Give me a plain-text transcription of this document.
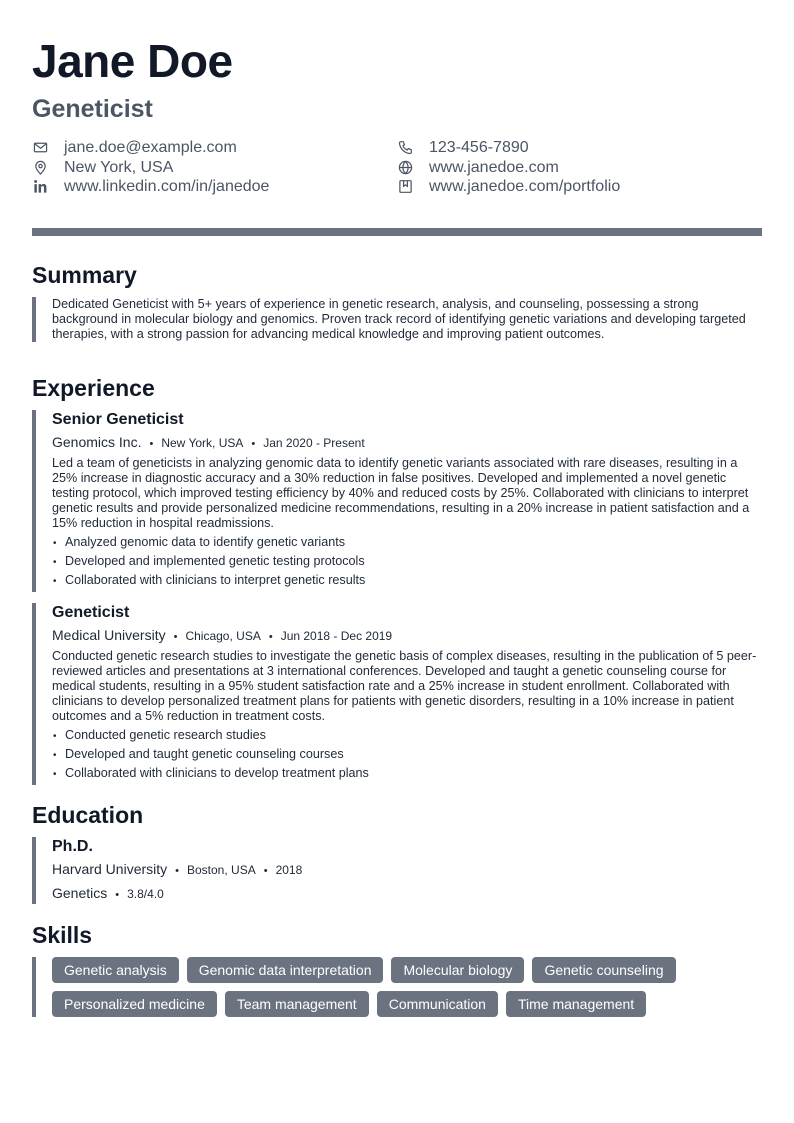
Jane Doe
Geneticist
jane.doe@example.com
New York, USA
www.linkedin.com/in/janedoe
123-456-7890
www.janedoe.com
www.janedoe.com/portfolio
Summary

Dedicated Geneticist with 5+ years of experience in genetic research, analysis, and counseling, possessing a strong background in molecular biology and genomics. Proven track record of identifying genetic variations and developing targeted therapies, with a strong passion for advancing medical knowledge and improving patient outcomes.

Experience

Senior Geneticist

Genomics Inc. • New York, USA • Jan 2020 - Present

Led a team of geneticists in analyzing genomic data to identify genetic variants associated with rare diseases, resulting in a 25% increase in diagnostic accuracy and a 30% reduction in false positives. Developed and implemented a novel genetic testing protocol, which improved testing efficiency by 40% and reduced costs by 25%. Collaborated with clinicians to interpret genetic results and provide personalized medicine recommendations, resulting in a 20% increase in patient satisfaction and a 15% reduction in hospital readmissions.

• Analyzed genomic data to identify genetic variants
• Developed and implemented genetic testing protocols
• Collaborated with clinicians to interpret genetic results

Geneticist

Medical University • Chicago, USA • Jun 2018 - Dec 2019

Conducted genetic research studies to investigate the genetic basis of complex diseases, resulting in the publication of 5 peer-reviewed articles and presentations at 3 international conferences. Developed and taught a genetic counseling course for medical students, resulting in a 95% student satisfaction rate and a 25% increase in student enrollment. Collaborated with clinicians to develop personalized treatment plans for patients with genetic disorders, resulting in a 10% increase in patient outcomes and a 5% reduction in treatment costs.

• Conducted genetic research studies
• Developed and taught genetic counseling courses
• Collaborated with clinicians to develop treatment plans
Education

Ph.D.

Harvard University • Boston, USA • 2018
Genetics • 3.8/4.0
Skills
Genetic analysis	Genomic data interpretation	Molecular biology	Genetic counseling
Personalized medicine	Team management	Communication	Time management
